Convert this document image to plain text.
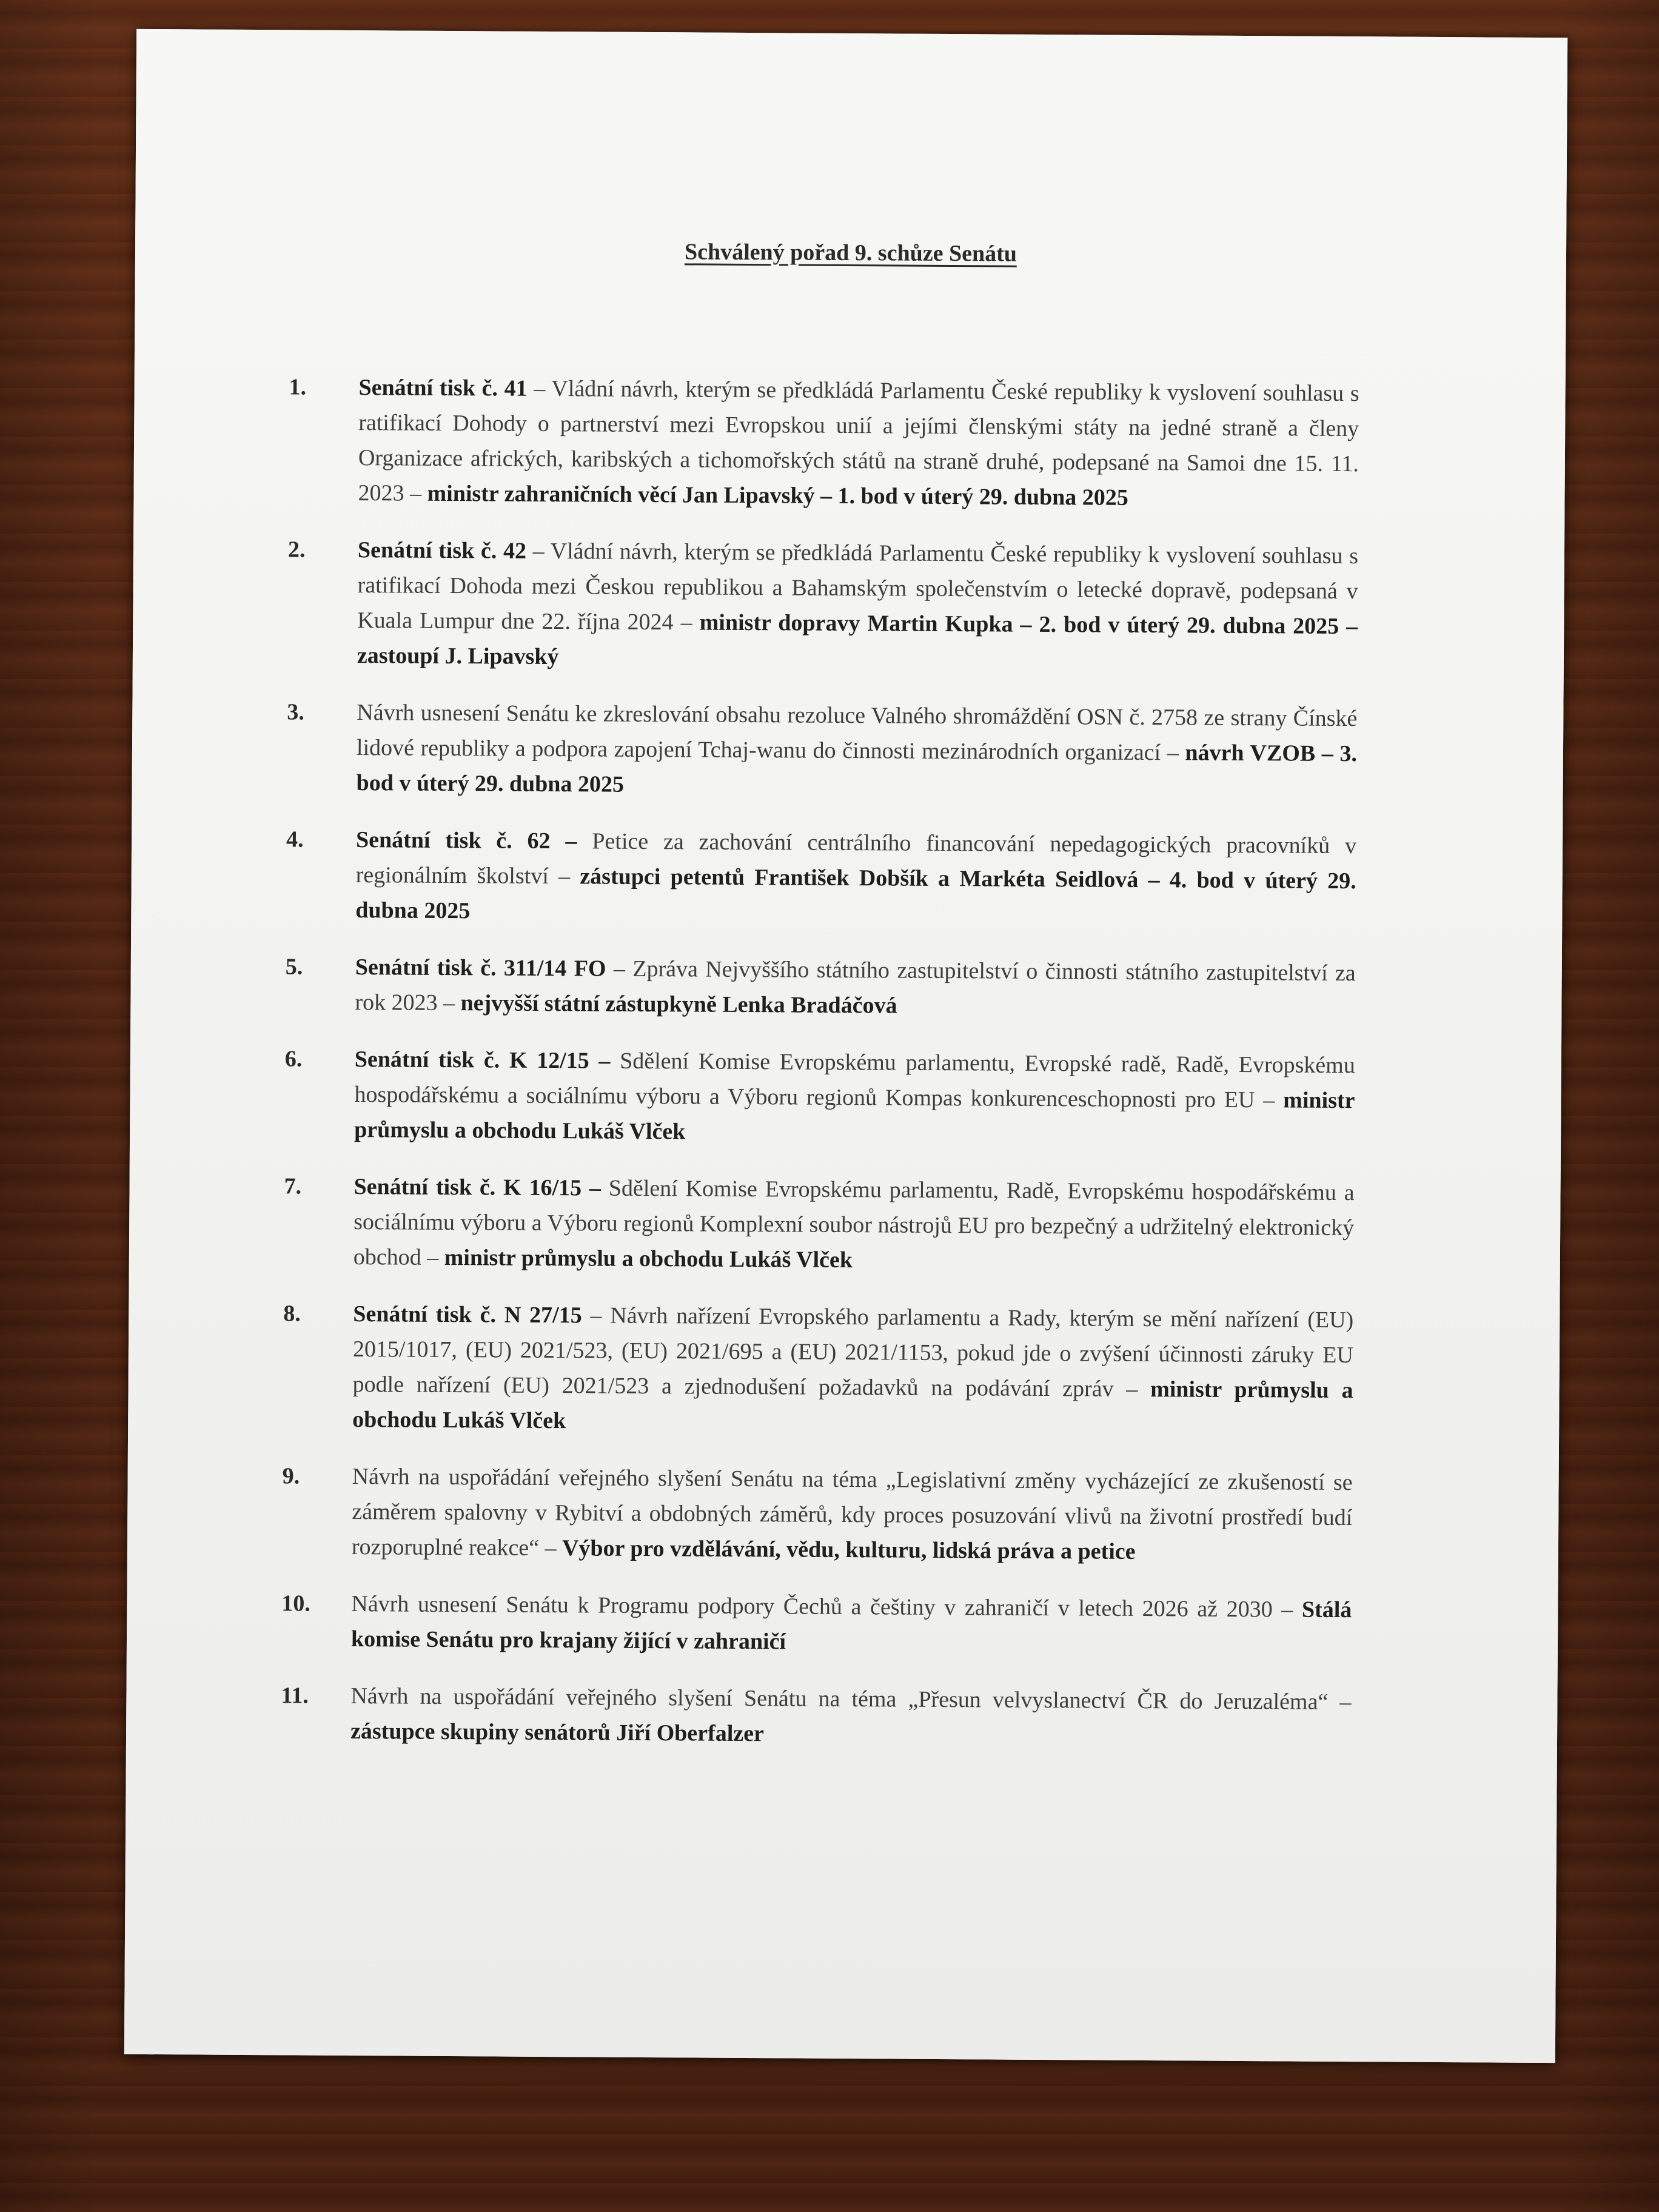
Schválený pořad 9. schůze Senátu
1.	Senátní tisk č. 41 – Vládní návrh, kterým se předkládá Parlamentu České republiky k vyslovení souhlasu s ratifikací Dohody o partnerství mezi Evropskou unií a jejími členskými státy na jedné straně a členy Organizace afrických, karibských a tichomořských států na straně druhé, podepsané na Samoi dne 15. 11. 2023 – ministr zahraničních věcí Jan Lipavský – 1. bod v úterý 29. dubna 2025
2.	Senátní tisk č. 42 – Vládní návrh, kterým se předkládá Parlamentu České republiky k vyslovení souhlasu s ratifikací Dohoda mezi Českou republikou a Bahamským společenstvím o letecké dopravě, podepsaná v Kuala Lumpur dne 22. října 2024 – ministr dopravy Martin Kupka – 2. bod v úterý 29. dubna 2025 – zastoupí J. Lipavský
3.	Návrh usnesení Senátu ke zkreslování obsahu rezoluce Valného shromáždění OSN č. 2758 ze strany Čínské lidové republiky a podpora zapojení Tchaj-wanu do činnosti mezinárodních organizací – návrh VZOB – 3. bod v úterý 29. dubna 2025
4.	Senátní tisk č. 62 – Petice za zachování centrálního financování nepedagogických pracovníků v regionálním školství – zástupci petentů František Dobšík a Markéta Seidlová – 4. bod v úterý 29. dubna 2025
5.	Senátní tisk č. 311/14 FO – Zpráva Nejvyššího státního zastupitelství o činnosti státního zastupitelství za rok 2023 – nejvyšší státní zástupkyně Lenka Bradáčová
6.	Senátní tisk č. K 12/15 – Sdělení Komise Evropskému parlamentu, Evropské radě, Radě, Evropskému hospodářskému a sociálnímu výboru a Výboru regionů Kompas konkurenceschopnosti pro EU – ministr průmyslu a obchodu Lukáš Vlček
7.	Senátní tisk č. K 16/15 – Sdělení Komise Evropskému parlamentu, Radě, Evropskému hospodářskému a sociálnímu výboru a Výboru regionů Komplexní soubor nástrojů EU pro bezpečný a udržitelný elektronický obchod – ministr průmyslu a obchodu Lukáš Vlček
8.	Senátní tisk č. N 27/15 – Návrh nařízení Evropského parlamentu a Rady, kterým se mění nařízení (EU) 2015/1017, (EU) 2021/523, (EU) 2021/695 a (EU) 2021/1153, pokud jde o zvýšení účinnosti záruky EU podle nařízení (EU) 2021/523 a zjednodušení požadavků na podávání zpráv – ministr průmyslu a obchodu Lukáš Vlček
9.	Návrh na uspořádání veřejného slyšení Senátu na téma „Legislativní změny vycházející ze zkušeností se záměrem spalovny v Rybitví a obdobných záměrů, kdy proces posuzování vlivů na životní prostředí budí rozporuplné reakce“ – Výbor pro vzdělávání, vědu, kulturu, lidská práva a petice
10.	Návrh usnesení Senátu k Programu podpory Čechů a češtiny v zahraničí v letech 2026 až 2030 – Stálá komise Senátu pro krajany žijící v zahraničí
11.	Návrh na uspořádání veřejného slyšení Senátu na téma „Přesun velvyslanectví ČR do Jeruzaléma“ – zástupce skupiny senátorů Jiří Oberfalzer
